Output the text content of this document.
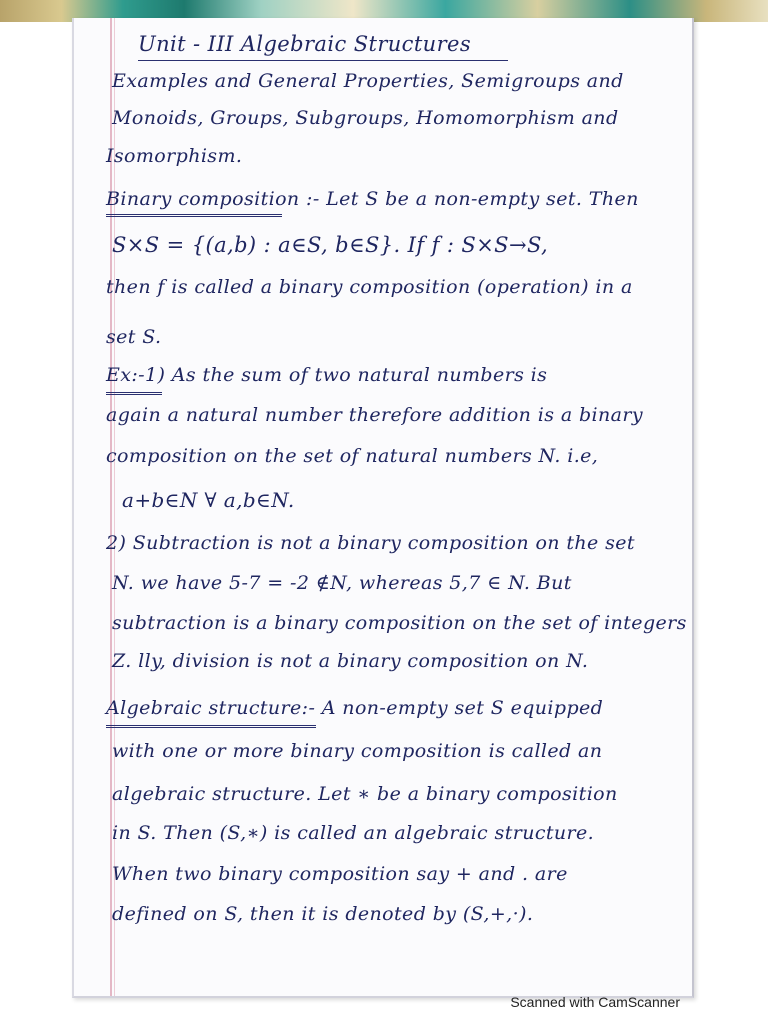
Unit - III Algebraic Structures
Examples and General Properties, Semigroups and
Monoids, Groups, Subgroups, Homomorphism and
Isomorphism.
Binary composition :- Let S be a non-empty set. Then
S×S = {(a,b) : a∈S, b∈S}. If f : S×S→S,
then f is called a binary composition (operation) in a
set S.
Ex:-1) As the sum of two natural numbers is
again a natural number therefore addition is a binary
composition on the set of natural numbers N. i.e,
a+b∈N ∀ a,b∈N.
2) Subtraction is not a binary composition on the set
N. we have 5-7 = -2 ∉N, whereas 5,7 ∈ N. But
subtraction is a binary composition on the set of integers
Z. lly, division is not a binary composition on N.
Algebraic structure:- A non-empty set S equipped
with one or more binary composition is called an
algebraic structure. Let ∗ be a binary composition
in S. Then (S,∗) is called an algebraic structure.
When two binary composition say + and . are
defined on S, then it is denoted by (S,+,·).
Scanned with CamScanner
